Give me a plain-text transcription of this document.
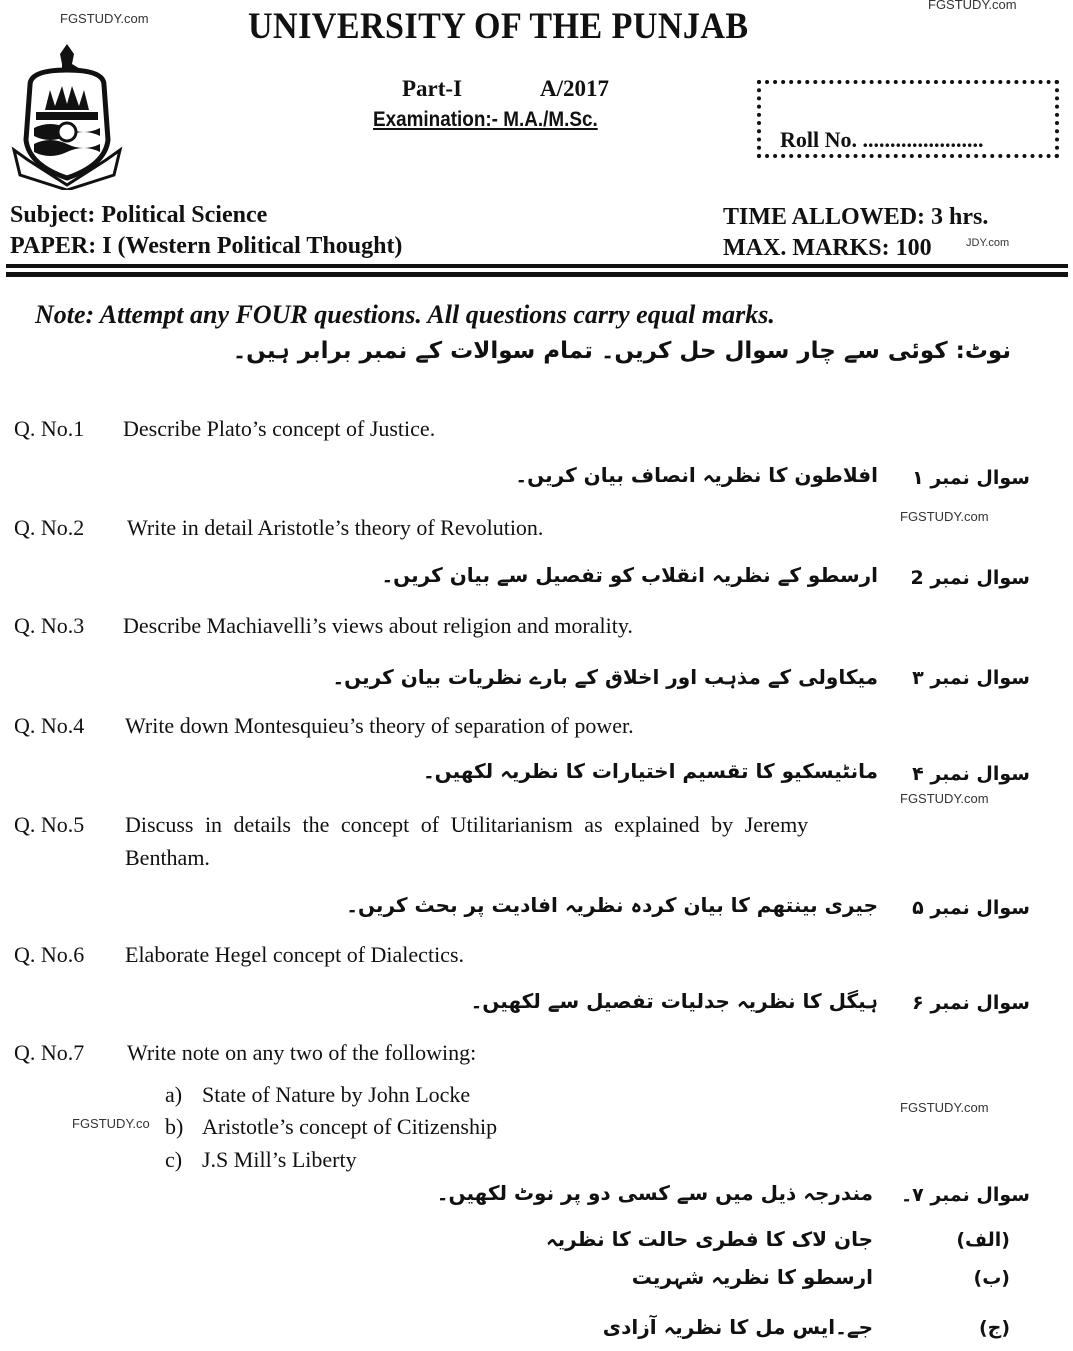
FGSTUDY.com
FGSTUDY.com
JDY.com
FGSTUDY.com
FGSTUDY.com
FGSTUDY.co
FGSTUDY.com
UNIVERSITY OF THE PUNJAB
Part-I	A/2017
Examination:- M.A./M.Sc.
Roll No. ......................
Subject: Political Science
PAPER: I (Western Political Thought)
TIME ALLOWED: 3 hrs.
MAX. MARKS: 100
Note: Attempt any FOUR questions. All questions carry equal marks.
نوٹ: کوئی سے چار سوال حل کریں۔ تمام سوالات کے نمبر برابر ہیں۔
Q. No.1 Describe Plato’s concept of Justice.
سوال نمبر ۱
افلاطون کا نظریہ انصاف بیان کریں۔
Q. No.2 Write in detail Aristotle’s theory of Revolution.
سوال نمبر 2
ارسطو کے نظریہ انقلاب کو تفصیل سے بیان کریں۔
Q. No.3 Describe Machiavelli’s views about religion and morality.
سوال نمبر ۳
میکاولی کے مذہب اور اخلاق کے بارے نظریات بیان کریں۔
Q. No.4 Write down Montesquieu’s theory of separation of power.
سوال نمبر ۴
مانٹیسکیو کا تقسیم اختیارات کا نظریہ لکھیں۔
Q. No.5 Discuss in details the concept of Utilitarianism as explained by Jeremy
Bentham.
سوال نمبر ۵
جیری بینتھم کا بیان کردہ نظریہ افادیت پر بحث کریں۔
Q. No.6 Elaborate Hegel concept of Dialectics.
سوال نمبر ۶
ہیگل کا نظریہ جدلیات تفصیل سے لکھیں۔
Q. No.7 Write note on any two of the following:
a) State of Nature by John Locke
b) Aristotle’s concept of Citizenship
c) J.S Mill’s Liberty
سوال نمبر ۷۔
مندرجہ ذیل میں سے کسی دو پر نوٹ لکھیں۔
(الف)
جان لاک کا فطری حالت کا نظریہ
(ب)
ارسطو کا نظریہ شہریت
(ج)
جے۔ایس مل کا نظریہ آزادی
